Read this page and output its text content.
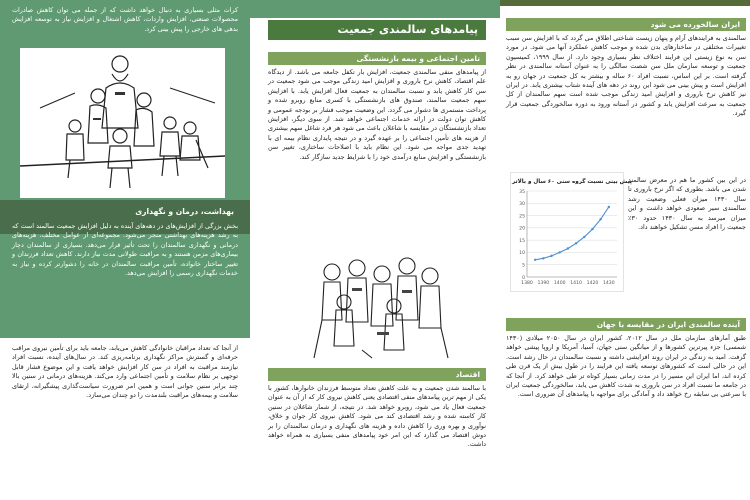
کرات مثلی بسیاری به دنبال خواهد داشت که از جمله می توان کاهش صادرات محصولات صنعتی، افزایش واردات، کاهش اشتغال و افزایش نیاز به توسعه افزایش بدهی های خارجی را پیش بینی کرد.

بهداشت، درمان و نگهداری

بخش بزرگی از افزایش‌های در دهه‌های آینده به‌ دلیل افزایش جمعیت سالمند است که به رشد هزینه‌های بهداشتی منجر می‌شود. مجموعه‌ای از عوامل مختلف، هزینه‌های درمانی و نگهداری سالمندان را تحت تأثیر قرار می‌دهد. بسیاری از سالمندان دچار بیماری‌های مزمن هستند و به مراقبت طولانی مدت نیاز دارند. کاهش تعداد فرزندان و تغییر ساختار خانواده، تأمین مراقبت سالمندان در خانه را دشوار‌تر کرده و نیاز به خدمات نگهداری رسمی را افزایش می‌دهد.

از آنجا که تعداد مراقبان خانوادگی کاهش می‌یابد، جامعه باید برای تأمین نیروی مراقب حرفه‌ای و گسترش مراکز نگهداری برنامه‌ریزی کند. در سال‌های آینده، نسبت افراد نیازمند مراقبت به افراد در سن کار افزایش خواهد یافت و این موضوع فشار قابل توجهی بر نظام سلامت و تأمین اجتماعی وارد می‌کند. هزینه‌های درمانی در سنین بالا چند برابر سنین جوانی است و همین امر ضرورت سیاست‌گذاری پیشگیرانه، ارتقای سلامت و بیمه‌های مراقبت بلندمدت را دو چندان می‌سازد.

پیامدهای سالمندی جمعیت
تامین اجتماعی و بیمه بازنشستگی

از پیامدهای منفی سالمندی جمعیت، افزایش بار تکفل جامعه می باشد. از دیدگاه علم اقتصاد، کاهش نرخ باروری و افزایش امید زندگی موجب می شود جمعیت در سن کار کاهش یابد و نسبت سالمندان به جمعیت فعال افزایش یابد. با افزایش سهم جمعیت سالمند، صندوق های بازنشستگی با کسری منابع روبرو شده و پرداخت مستمری ها دشوار می گردد. این وضعیت موجب فشار بر بودجه عمومی و کاهش توان دولت در ارائه خدمات اجتماعی خواهد شد. از سوی دیگر، افزایش تعداد بازنشستگان در مقایسه با شاغلان باعث می شود هر فرد شاغل سهم بیشتری از هزینه های تأمین اجتماعی را بر عهده گیرد و در نتیجه پایداری نظام بیمه ای با تهدید جدی مواجه می شود. این نظام باید با اصلاحات ساختاری، تغییر سن بازنشستگی و افزایش منابع درآمدی خود را با شرایط جدید سازگار کند.

اقتصاد

با سالمند شدن جمعیت و به علت کاهش تعداد متوسط فرزندان خانوارها، کشور با یکی از مهم ترین پیامدهای منفی اقتصادی یعنی کاهش نیروی کار که از آن به عنوان جمعیت فعال یاد می شود، روبرو خواهد شد. در نتیجه، از شمار شاغلان در سنین کار کاسته شده و رشد اقتصادی کند می شود. کاهش نیروی کار جوان و خلاق، نوآوری و بهره وری را کاهش داده و هزینه های نگهداری و درمان سالمندان را بر دوش اقتصاد می گذارد که این امر خود پیامدهای منفی بسیاری به همراه خواهد داشت.

ایران سالخورده می شود

سالمندی به فرایندهای آرام و پنهان زیست شناختی اطلاق می گردد که با افزایش سن سبب تغییرات مختلفی در ساختارهای بدن شده و موجب کاهش عملکرد آنها می شود. در مورد سن به نوع زیستی این فرایند اختلاف نظر بسیاری وجود دارد. از سال ۱۹۹۹، کمیسیون جمعیت و توسعه سازمان ملل سن شصت سالگی را به عنوان آستانه سالمندی در نظر گرفته است. بر این اساس، نسبت افراد ۶۰ ساله و بیشتر به کل جمعیت در جهان رو به افزایش است و پیش بینی می شود این روند در دهه های آینده شتاب بیشتری یابد. در ایران نیز کاهش نرخ باروری و افزایش امید زندگی موجب شده است سهم سالمندان از کل جمعیت به سرعت افزایش یابد و کشور در آستانه ورود به دوره سالخوردگی جمعیت قرار گیرد.

پیش بینی نسبت گروه سنی ۶۰ سال و بالاتر
0
5
10
15
20
25
30
35
1380 1390 1400 1410 1420 1430

در این بین کشور ما هم در معرض سالمند شدن می باشد. بطوری که اگر نرخ باروری تا سال ۱۴۳۰ میزان فعلی وضعیت رشد سالمندی سیر صعودی خواهد داشت و این میزان میرسد به سال ۱۴۳۰ حدود ۳۰٪ جمعیت را افراد مسن تشکیل خواهند داد.

آینده سالمندی ایران در مقایسه با جهان

طبق آمارهای سازمان ملل در سال ۲۰۱۲، کشور ایران در سال ۲۰۵۰ میلادی (۱۴۳۰ شمسی) جزء پیرترین کشورها و از میانگین سنی جهان، آسیا، آمریکا و اروپا پیشی خواهد گرفت. امید به زندگی در ایران روند افزایشی داشته و نسبت سالمندان در حال رشد است. این در حالی است که کشورهای توسعه یافته این فرایند را در طول بیش از یک قرن طی کرده اند، اما ایران این مسیر را در مدت زمانی بسیار کوتاه تر طی خواهد کرد. از آنجا که در جامعه ما نسبت افراد در سن باروری به شدت کاهش می یابد، سالخوردگی جمعیت ایران با سرعتی بی سابقه رخ خواهد داد و آمادگی برای مواجهه با پیامدهای آن ضروری است.
